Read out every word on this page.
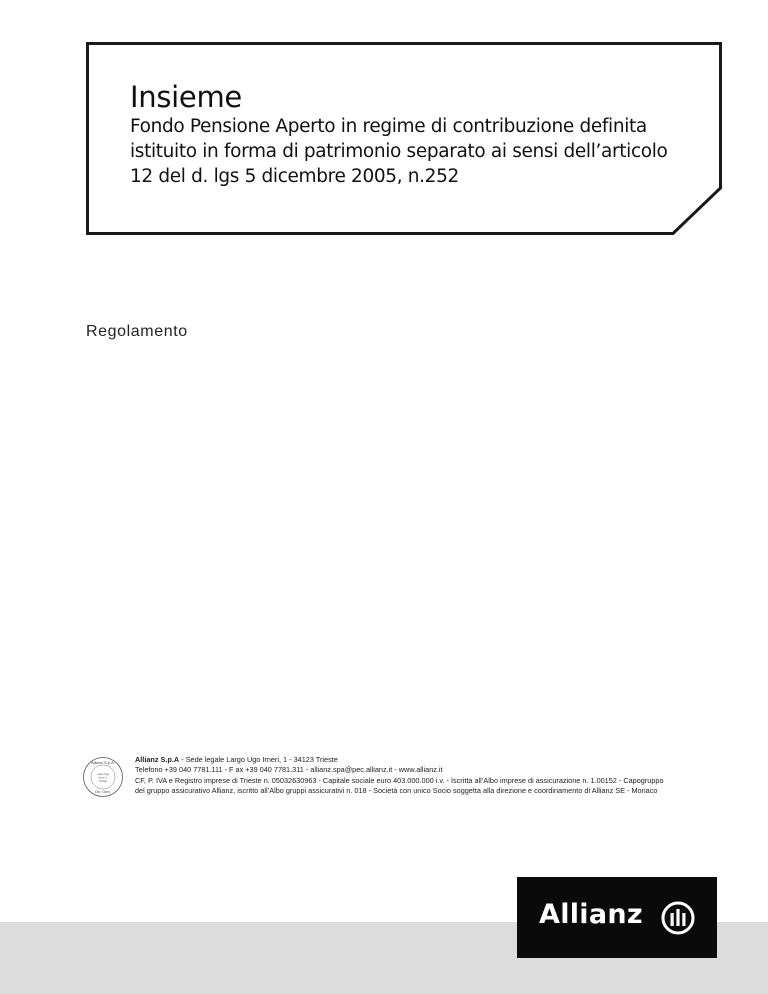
Insieme
Fondo Pensione Aperto in regime di contribuzione definita
istituito in forma di patrimonio separato ai sensi dell’articolo
12 del d. lgs 5 dicembre 2005, n.252
Regolamento
Allianz S.p.A.
Largo Ugo
Irneri, 1
Trieste
Dir. Gen.
Allianz S.p.A - Sede legale Largo Ugo Irneri, 1 - 34123 Trieste
Telefono +39 040 7781.111 - F ax +39 040 7781.311 - allianz.spa@pec.allianz.it - www.allianz.it
CF, P. IVA e Registro imprese di Trieste n. 05032630963 - Capitale sociale euro 403.000.000 i.v. - Iscritta all’Albo imprese di assicurazione n. 1.00152 - Capogruppo
del gruppo assicurativo Allianz, iscritto all’Albo gruppi assicurativi n. 018 - Società con unico Socio soggetta alla direzione e coordinamento di Allianz SE - Monaco
Allianz
